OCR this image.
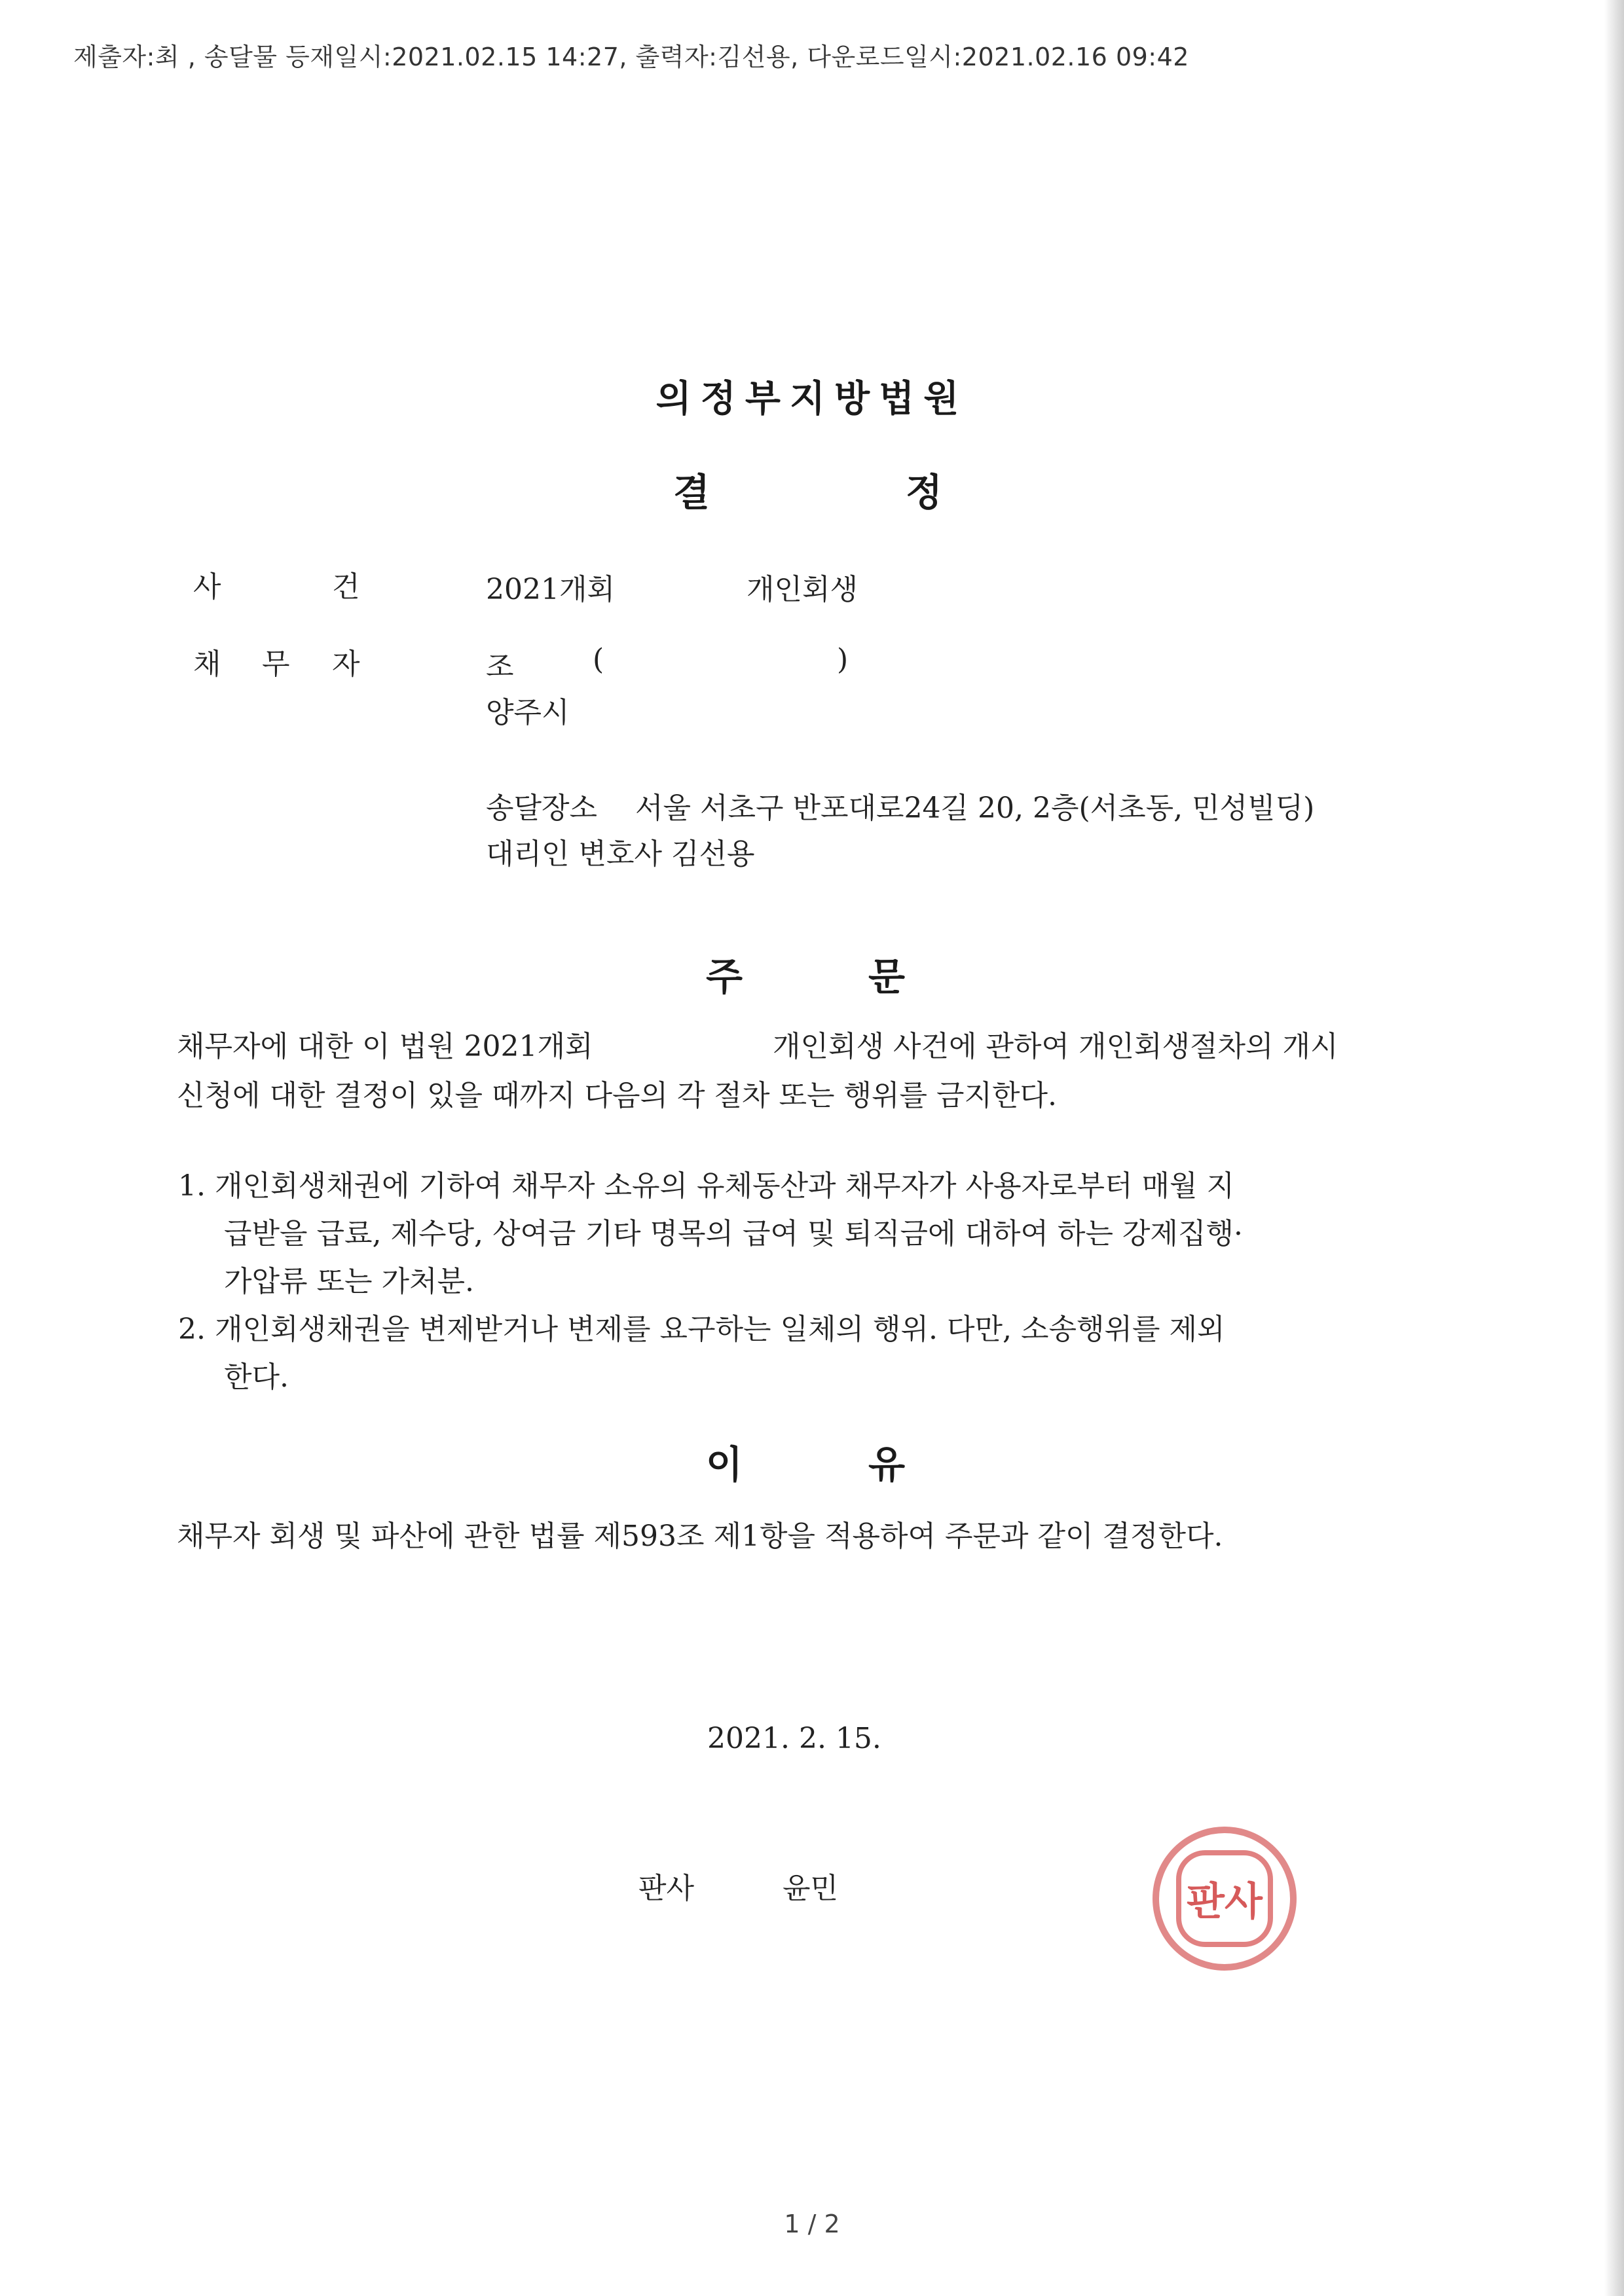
제출자:최 , 송달물 등재일시:2021.02.15 14:27, 출력자:김선용, 다운로드일시:2021.02.16 09:42
의정부지방법원
결	정
사	건	2021개회	개인회생
채 무 자	조	(	)
양주시
송달장소 서울 서초구 반포대로24길 20, 2층(서초동, 민성빌딩)
대리인 변호사 김선용
주	문
채무자에 대한 이 법원 2021개회	개인회생 사건에 관하여 개인회생절차의 개시
신청에 대한 결정이 있을 때까지 다음의 각 절차 또는 행위를 금지한다.
1. 개인회생채권에 기하여 채무자 소유의 유체동산과 채무자가 사용자로부터 매월 지
급받을 급료, 제수당, 상여금 기타 명목의 급여 및 퇴직금에 대하여 하는 강제집행·
가압류 또는 가처분.
2. 개인회생채권을 변제받거나 변제를 요구하는 일체의 행위. 다만, 소송행위를 제외
한다.
이	유
채무자 회생 및 파산에 관한 법률 제593조 제1항을 적용하여 주문과 같이 결정한다.
2021. 2. 15.
판사	윤민	판사
1 / 2
